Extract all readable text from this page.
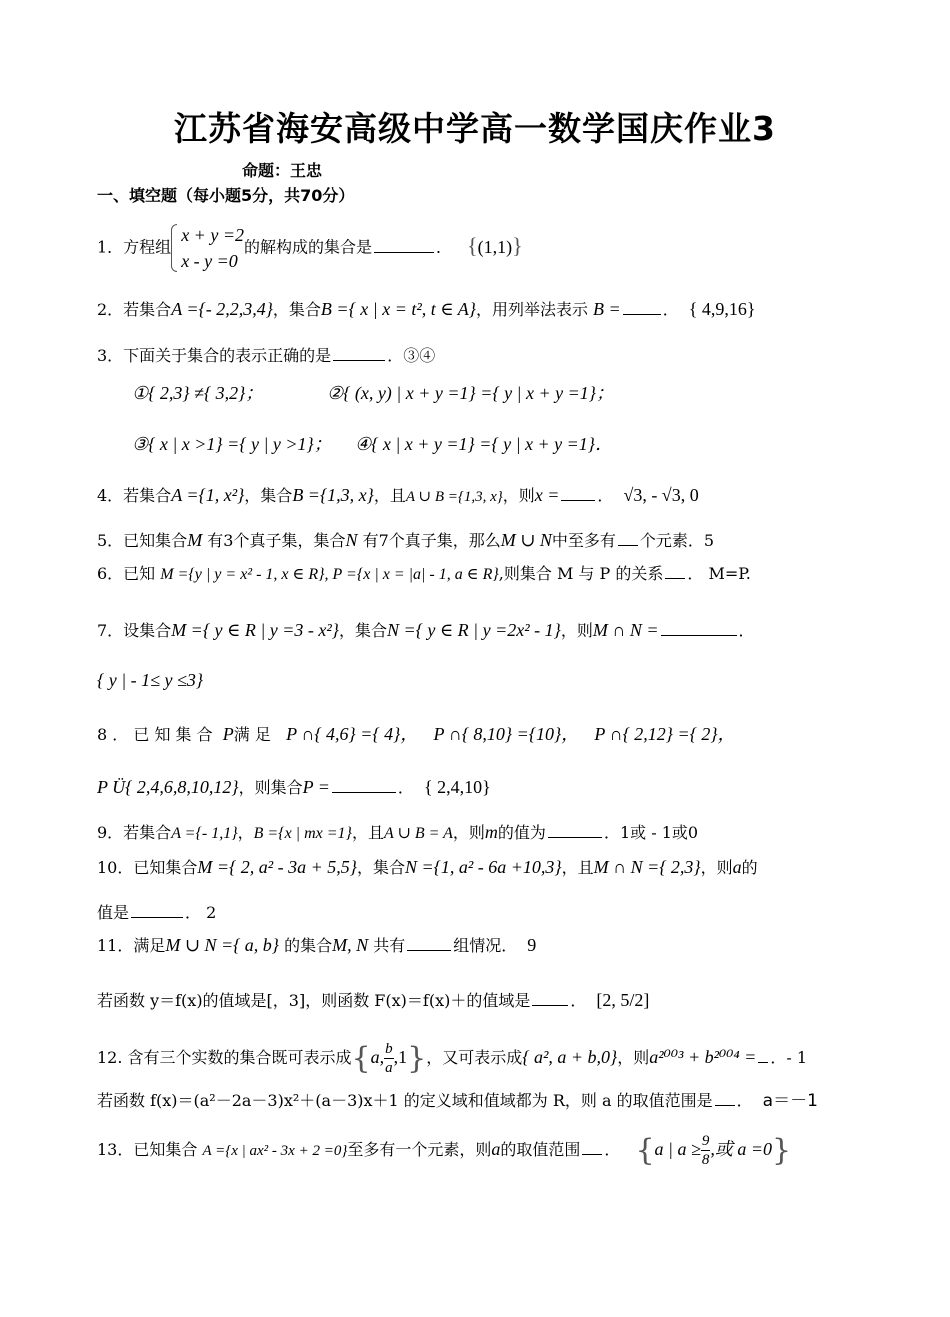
江苏省海安高级中学高一数学国庆作业3
命题：王忠
一、填空题（每小题5分，共70分）
1．方程组
x + y =2
x - y =0
的解构成的集合是	． {(1,1)}
2．若集合A ={- 2,2,3,4}，集合B ={ x | x = t², t ∈ A}，用列举法表示 B =	． { 4,9,16}
3．下面关于集合的表示正确的是	．③④
①{ 2,3} ≠{ 3,2}；	②{ (x, y) | x + y =1} ={ y | x + y =1}；
③{ x | x >1} ={ y | y >1}； ④{ x | x + y =1} ={ y | x + y =1}．
4．若集合A ={1, x²}，集合B ={1,3, x}，且A ∪ B ={1,3, x}，则x = ． √3, - √3, 0
5．已知集合M 有3个真子集，集合N 有7个真子集，那么M ∪ N中至多有 个元素．5
6．已知 M ={y | y = x² - 1, x ∈ R}, P ={x | x = |a| - 1, a ∈ R},则集合 M 与 P 的关系 ． M=P.
7．设集合M ={ y ∈ R | y =3 - x²}，集合N ={ y ∈ R | y =2x² - 1}，则M ∩ N =	．
{ y | - 1≤ y ≤3}
8 ． 已 知 集 合 P满 足 P ∩{ 4,6} ={ 4}， P ∩{ 8,10} ={10}， P ∩{ 2,12} ={ 2}，
P Ü{ 2,4,6,8,10,12}，则集合P =	． { 2,4,10}
9．若集合A ={- 1,1}，B ={x | mx =1}，且A ∪ B = A，则m的值为	．1或 - 1或0
10．已知集合M ={ 2, a² - 3a + 5,5}，集合N ={1, a² - 6a +10,3}，且M ∩ N ={ 2,3}，则a的
值是	． 2
11．满足M ∪ N ={ a, b} 的集合M, N 共有	组情况． 9
若函数 y＝f(x)的值域是[，3]，则函数 F(x)＝f(x)＋的值域是	． [2, 5/2]
12. 含有三个实数的集合既可表示成{a, $\frac{b}{a} ,1$}，又可表示成{ a², a + b,0}，则a²⁰⁰³ + b²⁰⁰⁴ = ．- 1
若函数 f(x)＝(a²－2a－3)x²＋(a－3)x＋1 的定义域和值域都为 R，则 a 的取值范围是 ． a＝－1
13．已知集合 A ={x | ax² - 3x + 2 =0}至多有一个元素，则a的取值范围 ． {a | $a \ge \frac{9}{8}$ ,或 a =0}
